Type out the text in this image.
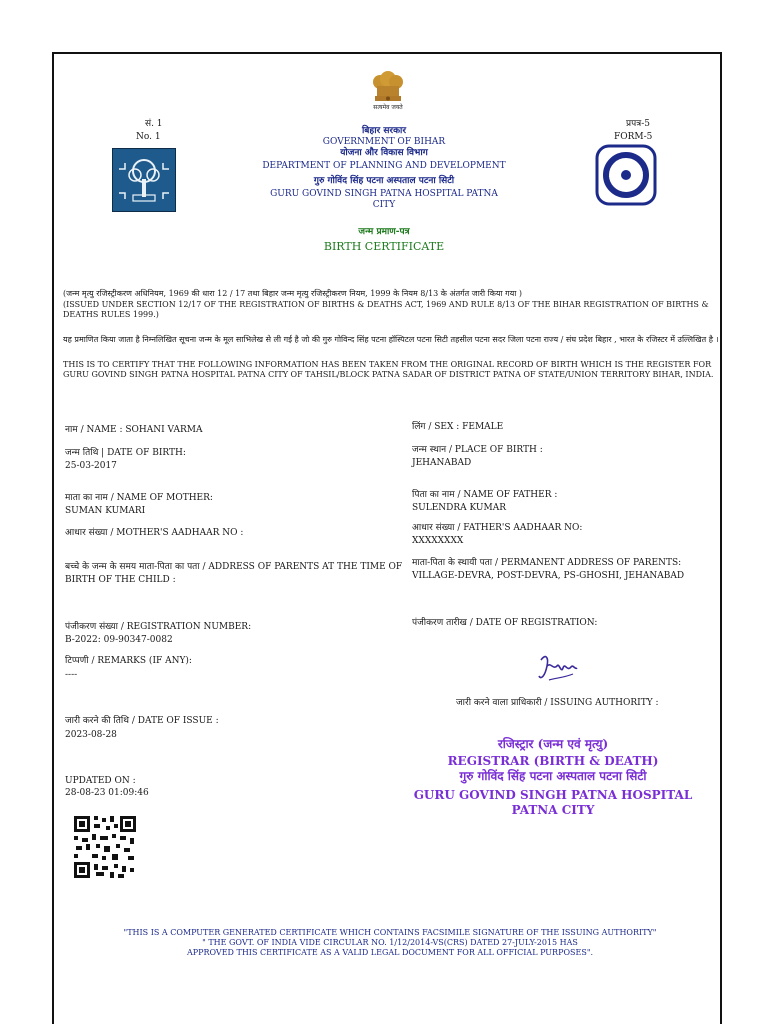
सत्यमेव जयते
सं. 1
No. 1
प्रपत्र-5
FORM-5
बिहार सरकार
GOVERNMENT OF BIHAR
योजना और विकास विभाग
DEPARTMENT OF PLANNING AND DEVELOPMENT
गुरु गोविंद सिंह पटना अस्पताल पटना सिटी
GURU GOVIND SINGH PATNA HOSPITAL PATNA
CITY
जन्म प्रमाण-पत्र
BIRTH CERTIFICATE
(जन्म मृत्यु रजिस्ट्रीकरण अधिनियम, 1969 की धारा 12 / 17 तथा बिहार जन्म मृत्यु रजिस्ट्रीकरण नियम, 1999 के नियम 8/13 के अंतर्गत जारी किया गया )
(ISSUED UNDER SECTION 12/17 OF THE REGISTRATION OF BIRTHS & DEATHS ACT, 1969 AND RULE 8/13 OF THE BIHAR REGISTRATION OF BIRTHS & DEATHS RULES 1999.)
यह प्रमाणित किया जाता है निम्नलिखित सूचना जन्म के मूल साभिलेख से ली गई है जो की गुरु गोविन्द सिंह पटना हॉस्पिटल पटना सिटी तहसील पटना सदर जिला पटना राज्य / संघ प्रदेश बिहार , भारत के रजिस्टर में उल्लिखित है ।
THIS IS TO CERTIFY THAT THE FOLLOWING INFORMATION HAS BEEN TAKEN FROM THE ORIGINAL RECORD OF BIRTH WHICH IS THE REGISTER FOR GURU GOVIND SINGH PATNA HOSPITAL PATNA CITY OF TAHSIL/BLOCK PATNA SADAR OF DISTRICT PATNA OF STATE/UNION TERRITORY BIHAR, INDIA.
नाम / NAME : SOHANI VARMA
जन्म तिथि | DATE OF BIRTH:
25-03-2017
माता का नाम / NAME OF MOTHER:
SUMAN KUMARI
आधार संख्या / MOTHER'S AADHAAR NO :
बच्चे के जन्म के समय माता-पिता का पता / ADDRESS OF PARENTS AT THE TIME OF
BIRTH OF THE CHILD :
पंजीकरण संख्या / REGISTRATION NUMBER:
B-2022: 09-90347-0082
टिप्पणी / REMARKS (IF ANY):
----
जारी करने की तिथि / DATE OF ISSUE :
2023-08-28
UPDATED ON :
28-08-23 01:09:46
लिंग / SEX : FEMALE
जन्म स्थान / PLACE OF BIRTH :
JEHANABAD
पिता का नाम / NAME OF FATHER :
SULENDRA KUMAR
आधार संख्या / FATHER'S AADHAAR NO:
XXXXXXXX
माता-पिता के स्थायी पता / PERMANENT ADDRESS OF PARENTS:
VILLAGE-DEVRA, POST-DEVRA, PS-GHOSHI, JEHANABAD
पंजीकरण तारीख / DATE OF REGISTRATION:
जारी करने वाला प्राधिकारी / ISSUING AUTHORITY :
रजिस्ट्रार (जन्म एवं मृत्यु)
REGISTRAR (BIRTH & DEATH)
गुरु गोविंद सिंह पटना अस्पताल पटना सिटी
GURU GOVIND SINGH PATNA HOSPITAL
PATNA CITY
"THIS IS A COMPUTER GENERATED CERTIFICATE WHICH CONTAINS FACSIMILE SIGNATURE OF THE ISSUING AUTHORITY"
" THE GOVT. OF INDIA VIDE CIRCULAR NO. 1/12/2014-VS(CRS) DATED 27-JULY-2015 HAS
APPROVED THIS CERTIFICATE AS A VALID LEGAL DOCUMENT FOR ALL OFFICIAL PURPOSES".
